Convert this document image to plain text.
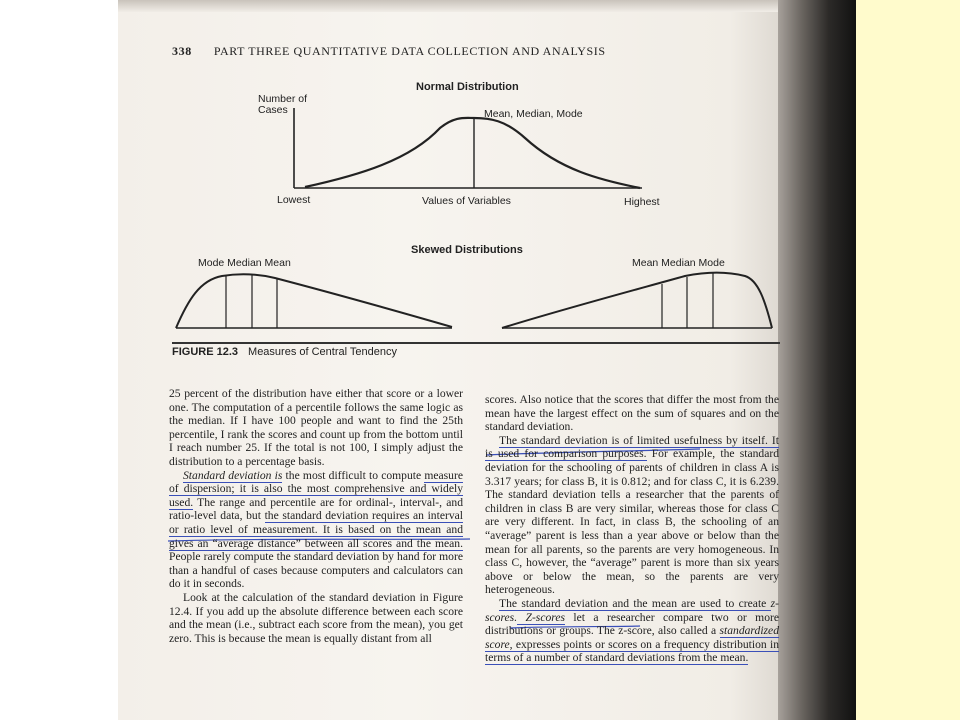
338 PART THREE QUANTITATIVE DATA COLLECTION AND ANALYSIS
Normal Distribution
Number of
Cases	Mean, Median, Mode
Lowest	Values of Variables	Highest
Skewed Distributions
Mode Median Mean	Mean Median Mode
FIGURE 12.3 Measures of Central Tendency

25 percent of the distribution have either that score or a lower one. The computation of a percentile follows the same logic as the median. If I have 100 people and want to find the 25th percentile, I rank the scores and count up from the bottom until I reach number 25. If the total is not 100, I simply adjust the distribution to a percentage basis.

Standard deviation is the most difficult to compute measure of dispersion; it is also the most comprehensive and widely used. The range and percentile are for ordinal-, interval-, and ratio-level data, but the standard deviation requires an interval or ratio level of measurement. It is based on the mean and gives an “average distance” between all scores and the mean. People rarely compute the standard deviation by hand for more than a handful of cases because computers and calculators can do it in seconds.

Look at the calculation of the standard deviation in Figure 12.4. If you add up the absolute difference between each score and the mean (i.e., subtract each score from the mean), you get zero. This is because the mean is equally distant from all

scores. Also notice that the scores that differ the most from the mean have the largest effect on the sum of squares and on the standard deviation.

The standard deviation is of limited usefulness by itself. It is used for comparison purposes. For example, the standard deviation for the schooling of parents of children in class A is 3.317 years; for class B, it is 0.812; and for class C, it is 6.239. The standard deviation tells a researcher that the parents of children in class B are very similar, whereas those for class C are very different. In fact, in class B, the schooling of an “average” parent is less than a year above or below than the mean for all parents, so the parents are very homogeneous. In class C, however, the “average” parent is more than six years above or below the mean, so the parents are very heterogeneous.

The standard deviation and the mean are used to create z-scores. Z-scores let a researcher compare two or more distributions or groups. The z-score, also called a standardized score, expresses points or scores on a frequency distribution in terms of a number of standard deviations from the mean.
